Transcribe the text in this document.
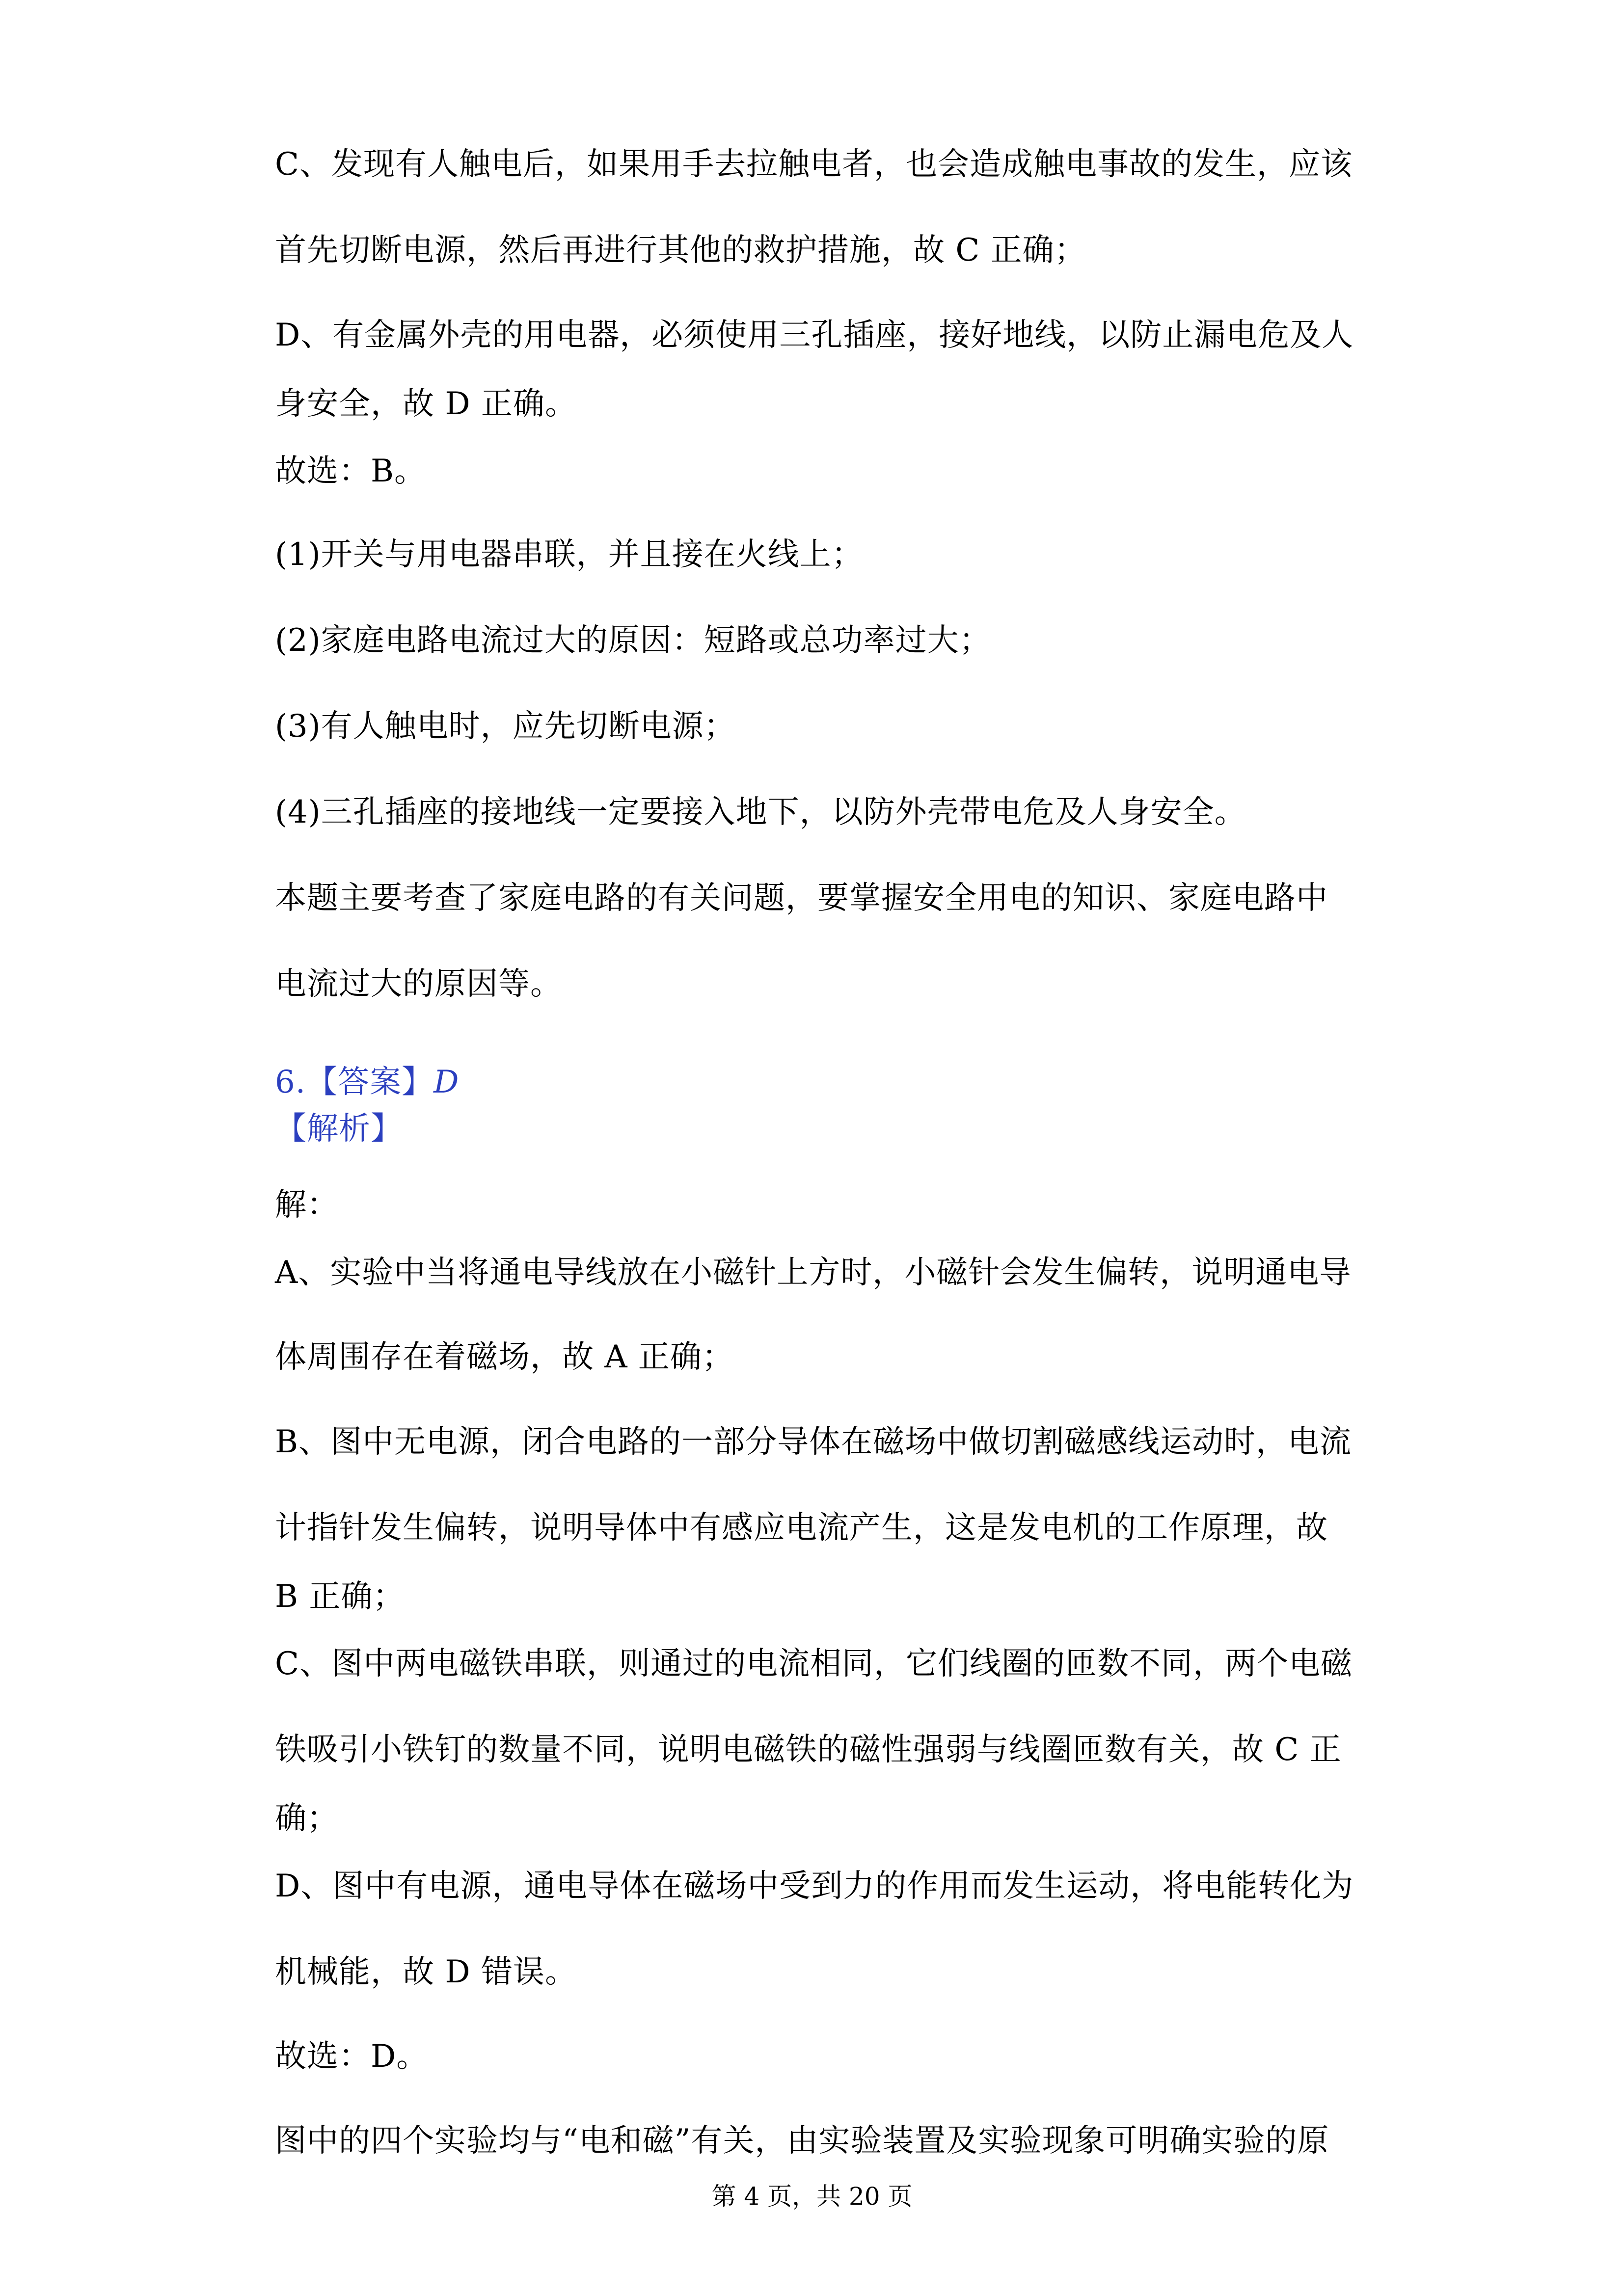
C、发现有人触电后，如果用手去拉触电者，也会造成触电事故的发生，应该
首先切断电源，然后再进行其他的救护措施，故 C 正确；
D、有金属外壳的用电器，必须使用三孔插座，接好地线，以防止漏电危及人
身安全，故 D 正确。
故选：B。
(1)开关与用电器串联，并且接在火线上；
(2)家庭电路电流过大的原因：短路或总功率过大；
(3)有人触电时，应先切断电源；
(4)三孔插座的接地线一定要接入地下，以防外壳带电危及人身安全。
本题主要考查了家庭电路的有关问题，要掌握安全用电的知识、家庭电路中
电流过大的原因等。
6.【答案】D
【解析】
解：
A、实验中当将通电导线放在小磁针上方时，小磁针会发生偏转，说明通电导
体周围存在着磁场，故 A 正确；
B、图中无电源，闭合电路的一部分导体在磁场中做切割磁感线运动时，电流
计指针发生偏转，说明导体中有感应电流产生，这是发电机的工作原理，故
B 正确；
C、图中两电磁铁串联，则通过的电流相同，它们线圈的匝数不同，两个电磁
铁吸引小铁钉的数量不同，说明电磁铁的磁性强弱与线圈匝数有关，故 C 正
确；
D、图中有电源，通电导体在磁场中受到力的作用而发生运动，将电能转化为
机械能，故 D 错误。
故选：D。
图中的四个实验均与“电和磁”有关，由实验装置及实验现象可明确实验的原
第 4 页，共 20 页
